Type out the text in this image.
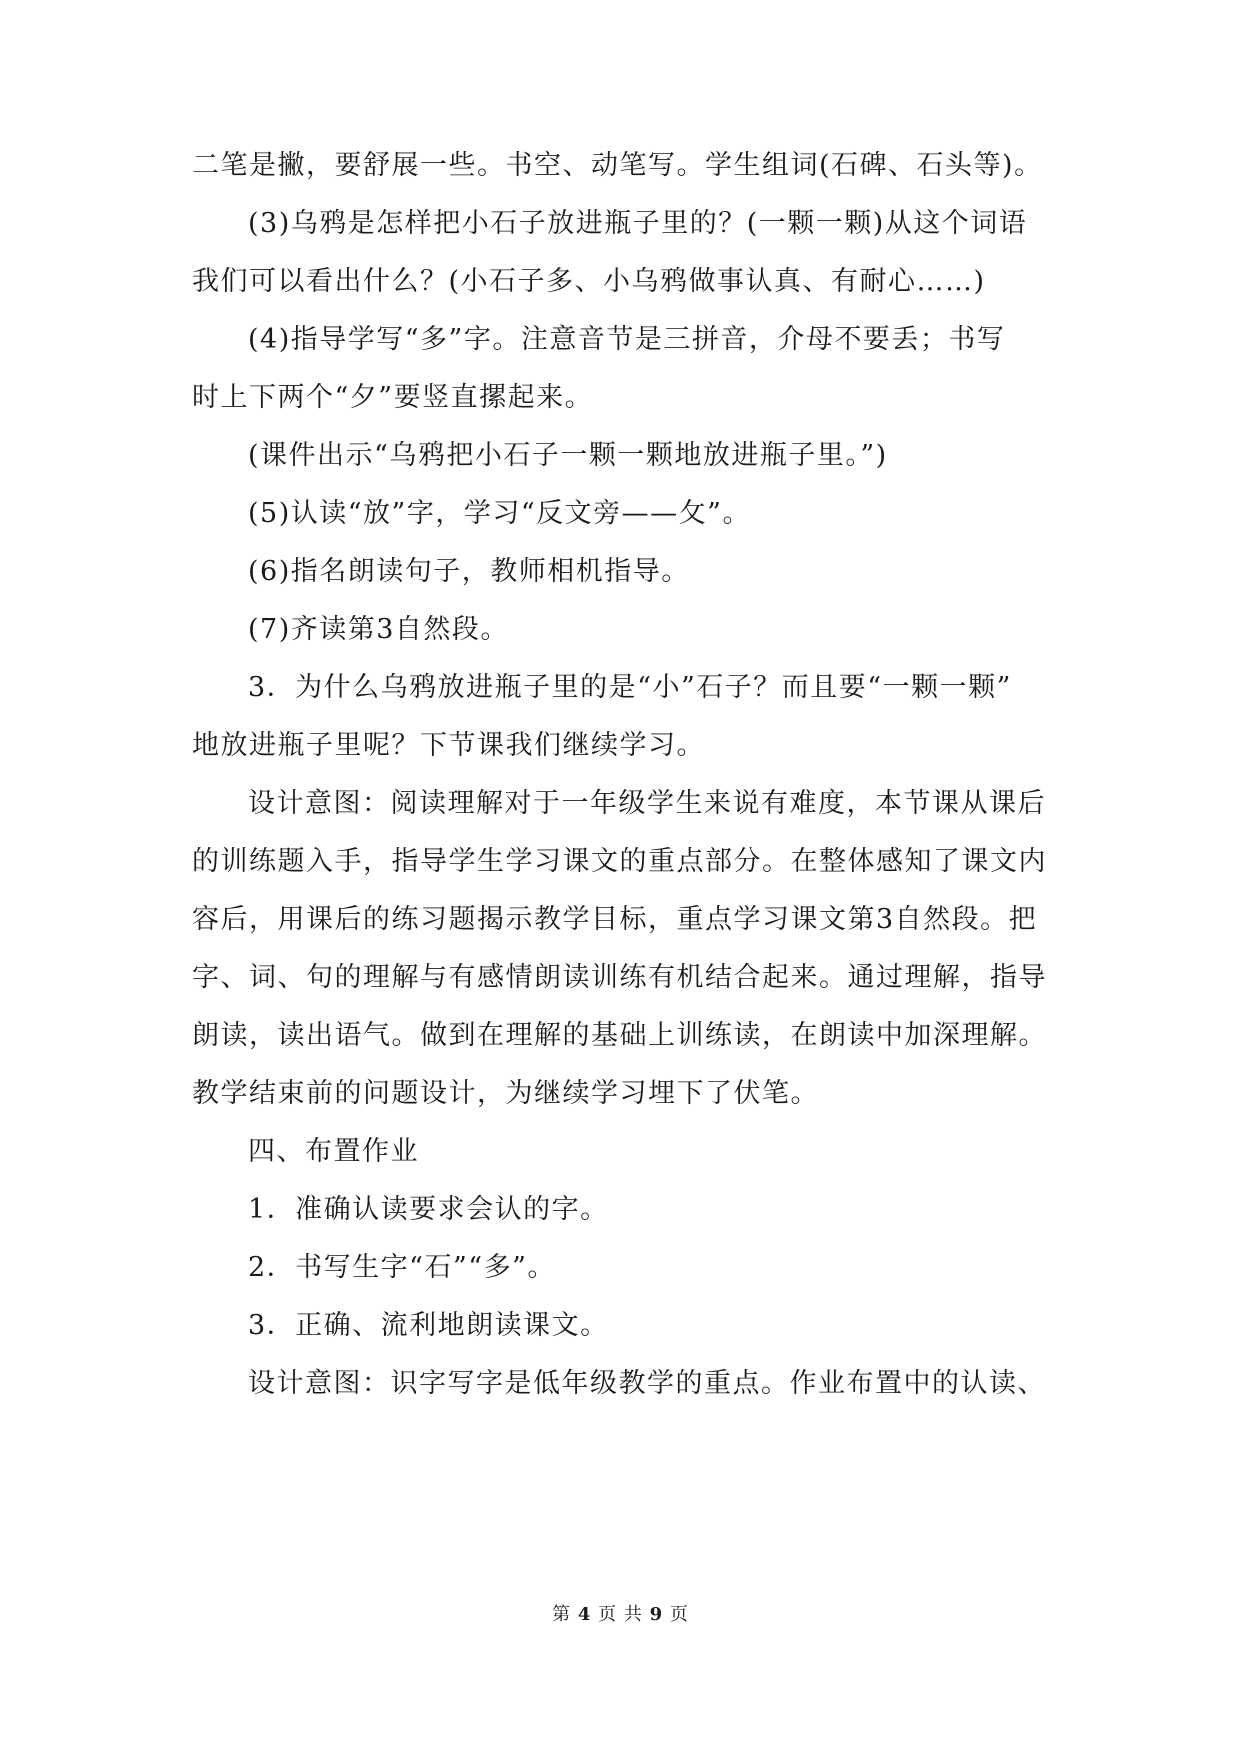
二笔是撇，要舒展一些。书空、动笔写。学生组词(石碑、石头等)。
(3)乌鸦是怎样把小石子放进瓶子里的？(一颗一颗)从这个词语
我们可以看出什么？(小石子多、小乌鸦做事认真、有耐心……)
(4)指导学写“多”字。注意音节是三拼音，介母不要丢；书写
时上下两个“夕”要竖直摞起来。
(课件出示“乌鸦把小石子一颗一颗地放进瓶子里。”)
(5)认读“放”字，学习“反文旁——攵”。
(6)指名朗读句子，教师相机指导。
(7)齐读第3自然段。
3．为什么乌鸦放进瓶子里的是“小”石子？而且要“一颗一颗”
地放进瓶子里呢？下节课我们继续学习。
设计意图：阅读理解对于一年级学生来说有难度，本节课从课后
的训练题入手，指导学生学习课文的重点部分。在整体感知了课文内
容后，用课后的练习题揭示教学目标，重点学习课文第3自然段。把
字、词、句的理解与有感情朗读训练有机结合起来。通过理解，指导
朗读，读出语气。做到在理解的基础上训练读，在朗读中加深理解。
教学结束前的问题设计，为继续学习埋下了伏笔。
四、布置作业
1．准确认读要求会认的字。
2．书写生字“石”“多”。
3．正确、流利地朗读课文。
设计意图：识字写字是低年级教学的重点。作业布置中的认读、
第 4 页 共 9 页
